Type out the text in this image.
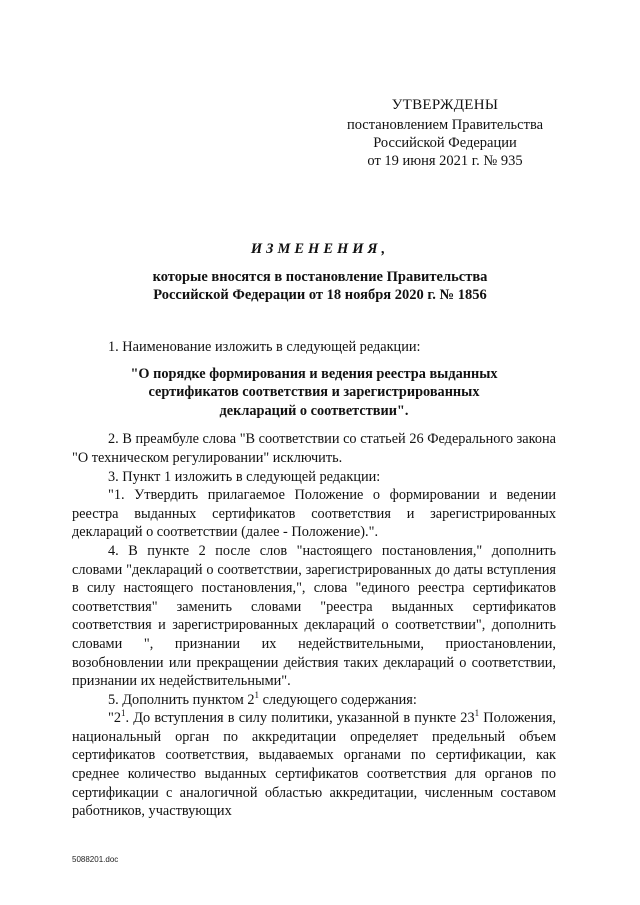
УТВЕРЖДЕНЫ
постановлением Правительства
Российской Федерации
от 19 июня 2021 г. № 935
ИЗМЕНЕНИЯ,
которые вносятся в постановление Правительства
Российской Федерации от 18 ноября 2020 г. № 1856

1. Наименование изложить в следующей редакции:

"О порядке формирования и ведения реестра выданных
сертификатов соответствия и зарегистрированных
деклараций о соответствии".

2. В преамбуле слова "В соответствии со статьей 26 Федерального закона "О техническом регулировании" исключить.

3. Пункт 1 изложить в следующей редакции:

"1. Утвердить прилагаемое Положение о формировании и ведении реестра выданных сертификатов соответствия и зарегистрированных деклараций о соответствии (далее - Положение).".

4. В пункте 2 после слов "настоящего постановления," дополнить словами "деклараций о соответствии, зарегистрированных до даты вступления в силу настоящего постановления,", слова "единого реестра сертификатов соответствия" заменить словами "реестра выданных сертификатов соответствия и зарегистрированных деклараций о соответствии", дополнить словами ", признании их недействительными, приостановлении, возобновлении или прекращении действия таких деклараций о соответствии, признании их недействительными".

5. Дополнить пунктом $2^1$ следующего содержания:

"$2^1$. До вступления в силу политики, указанной в пункте $23^1$ Положения, национальный орган по аккредитации определяет предельный объем сертификатов соответствия, выдаваемых органами по сертификации, как среднее количество выданных сертификатов соответствия для органов по сертификации с аналогичной областью аккредитации, численным составом работников, участвующих

5088201.doc
